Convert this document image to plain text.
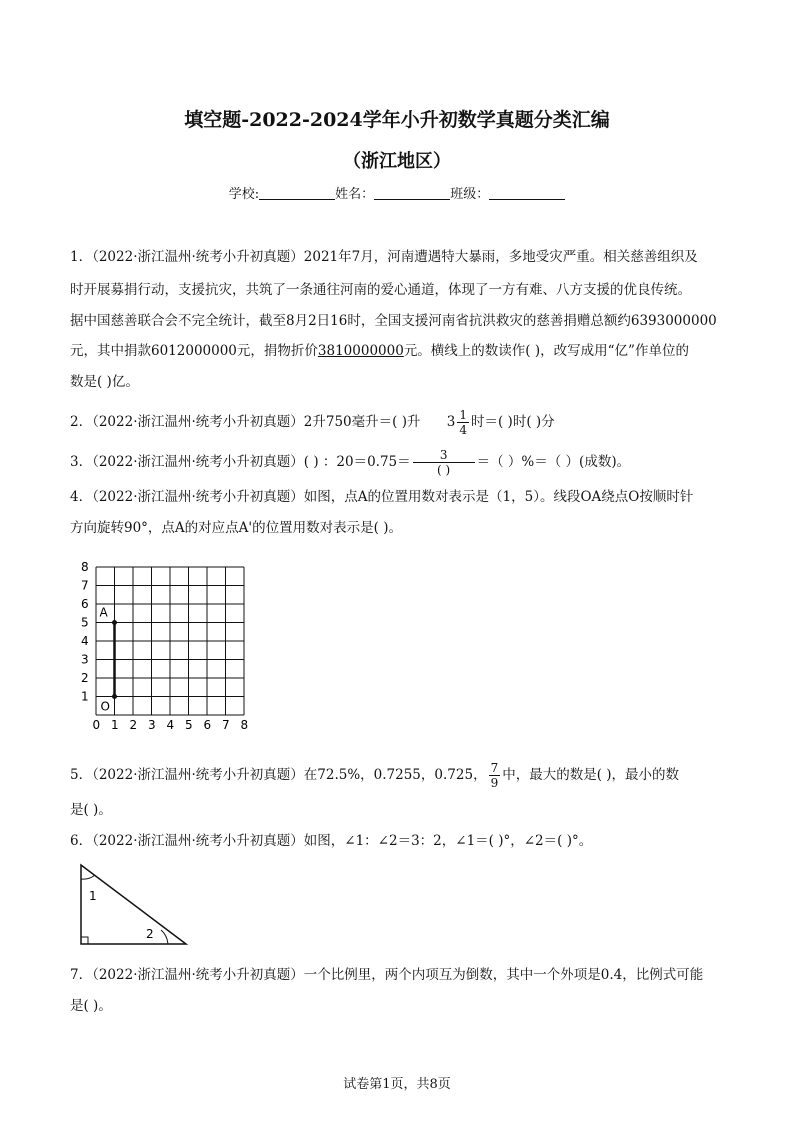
填空题-2022-2024学年小升初数学真题分类汇编
（浙江地区）
学校:	姓名：	班级：
1．（2022·浙江温州·统考小升初真题）2021年7月，河南遭遇特大暴雨，多地受灾严重。相关慈善组织及
时开展募捐行动，支援抗灾，共筑了一条通往河南的爱心通道，体现了一方有难、八方支援的优良传统。
据中国慈善联合会不完全统计，截至8月2日16时，全国支援河南省抗洪救灾的慈善捐赠总额约6393000000
元，其中捐款6012000000元，捐物折价3810000000元。横线上的数读作( )，改写成用“亿”作单位的
数是( )亿。
2．（2022·浙江温州·统考小升初真题）2升750毫升＝( )升 $3 \frac{1}{4}$ 时＝( )时( )分
3．（2022·浙江温州·统考小升初真题）( ) ：$20=0.75= \frac{3}{( )}$ ＝（ ）%＝（ ）(成数)。
4．（2022·浙江温州·统考小升初真题）如图，点A的位置用数对表示是（1，5）。线段OA绕点O按顺时针
方向旋转90°，点A的对应点A'的位置用数对表示是( )。
0 1 2 3 4 5 6 7 8
1
2
3
4
5
6
7
8
A
O
5．（2022·浙江温州·统考小升初真题）在72.5%，0.7255，0.725̇， $\frac{7}{9}$ 中，最大的数是( )，最小的数
是( )。
6．（2022·浙江温州·统考小升初真题）如图，∠1：∠2＝3：2，∠1＝( )°，∠2＝( )°。
1
2
7．（2022·浙江温州·统考小升初真题）一个比例里，两个内项互为倒数，其中一个外项是0.4，比例式可能
是( )。
试卷第1页，共8页
